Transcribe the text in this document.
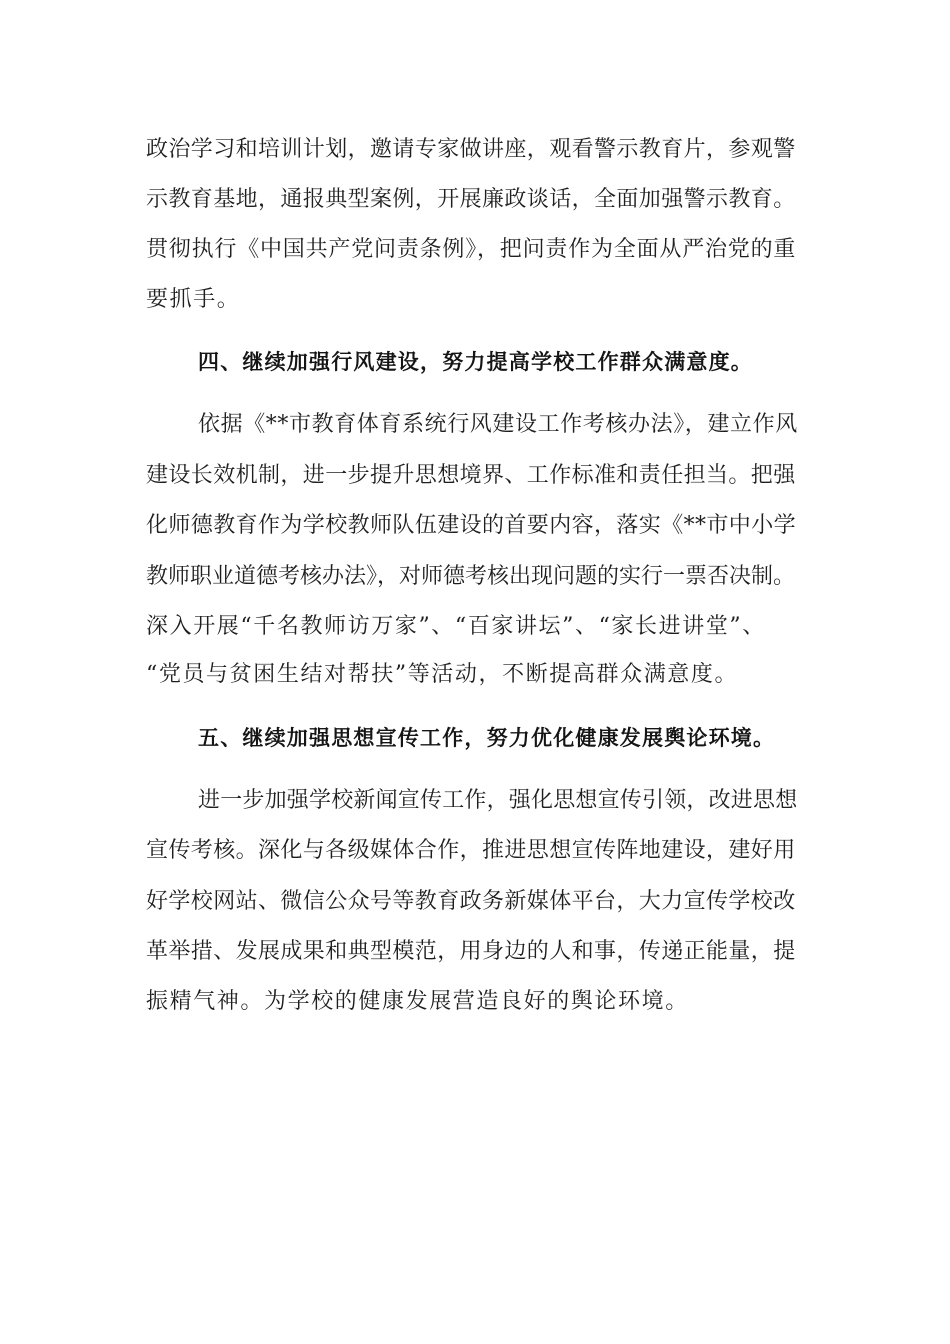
政治学习和培训计划，邀请专家做讲座，观看警示教育片，参观警
示教育基地，通报典型案例，开展廉政谈话，全面加强警示教育。
贯彻执行《中国共产党问责条例》，把问责作为全面从严治党的重
要抓手。
四、继续加强行风建设，努力提高学校工作群众满意度。
依据《**市教育体育系统行风建设工作考核办法》，建立作风
建设长效机制，进一步提升思想境界、工作标准和责任担当。把强
化师德教育作为学校教师队伍建设的首要内容，落实《**市中小学
教师职业道德考核办法》，对师德考核出现问题的实行一票否决制。
深入开展“千名教师访万家”、“百家讲坛”、“家长进讲堂”、
“党员与贫困生结对帮扶”等活动，不断提高群众满意度。
五、继续加强思想宣传工作，努力优化健康发展舆论环境。
进一步加强学校新闻宣传工作，强化思想宣传引领，改进思想
宣传考核。深化与各级媒体合作，推进思想宣传阵地建设，建好用
好学校网站、微信公众号等教育政务新媒体平台，大力宣传学校改
革举措、发展成果和典型模范，用身边的人和事，传递正能量，提
振精气神。为学校的健康发展营造良好的舆论环境。
